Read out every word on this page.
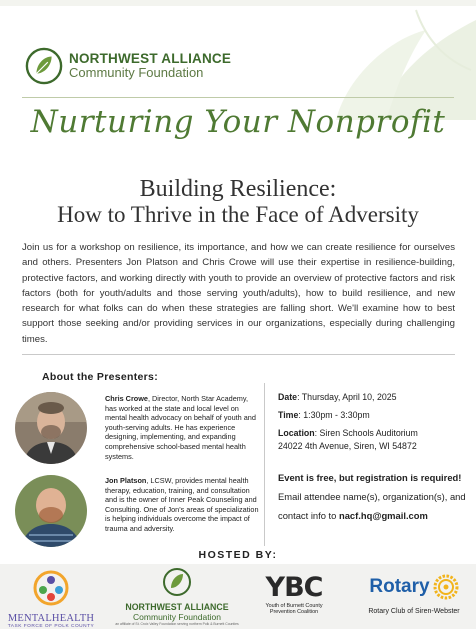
NORTHWEST ALLIANCE
Community Foundation
Nurturing Your Nonprofit
Building Resilience:
How to Thrive in the Face of Adversity

Join us for a workshop on resilience, its importance, and how we can create resilience for ourselves and others. Presenters Jon Platson and Chris Crowe will use their expertise in resilience-building, protective factors, and working directly with youth to provide an overview of protective factors and risk factors (both for youth/adults and those serving youth/adults), how to build resilience, and new research for what folks can do when these strategies are falling short. We'll examine how to best support those seeking and/or providing services in our organizations, especially during challenging times.

About the Presenters:
Chris Crowe, Director, North Star Academy, has worked at the state and local level on mental health advocacy on behalf of youth and youth-serving adults. He has experience designing, implementing, and expanding comprehensive school-based mental health systems.
Jon Platson, LCSW, provides mental health therapy, education, training, and consultation and is the owner of Inner Peak Counseling and Consulting. One of Jon's areas of specialization is helping individuals overcome the impact of trauma and adversity.
Date: Thursday, April 10, 2025
Time: 1:30pm - 3:30pm
Location: Siren Schools Auditorium
24022 4th Avenue, Siren, WI 54872
Event is free, but registration is required! Email attendee name(s), organization(s), and contact info to nacf.hq@gmail.com
HOSTED BY:
MENTALHEALTH
TASK FORCE OF POLK COUNTY
NORTHWEST ALLIANCE
Community Foundation
an affiliate of St. Croix Valley Foundation serving northern Polk & Burnett Counties
YBC
Youth of Burnett County
Prevention Coalition
Rotary
Rotary Club of Siren-Webster
